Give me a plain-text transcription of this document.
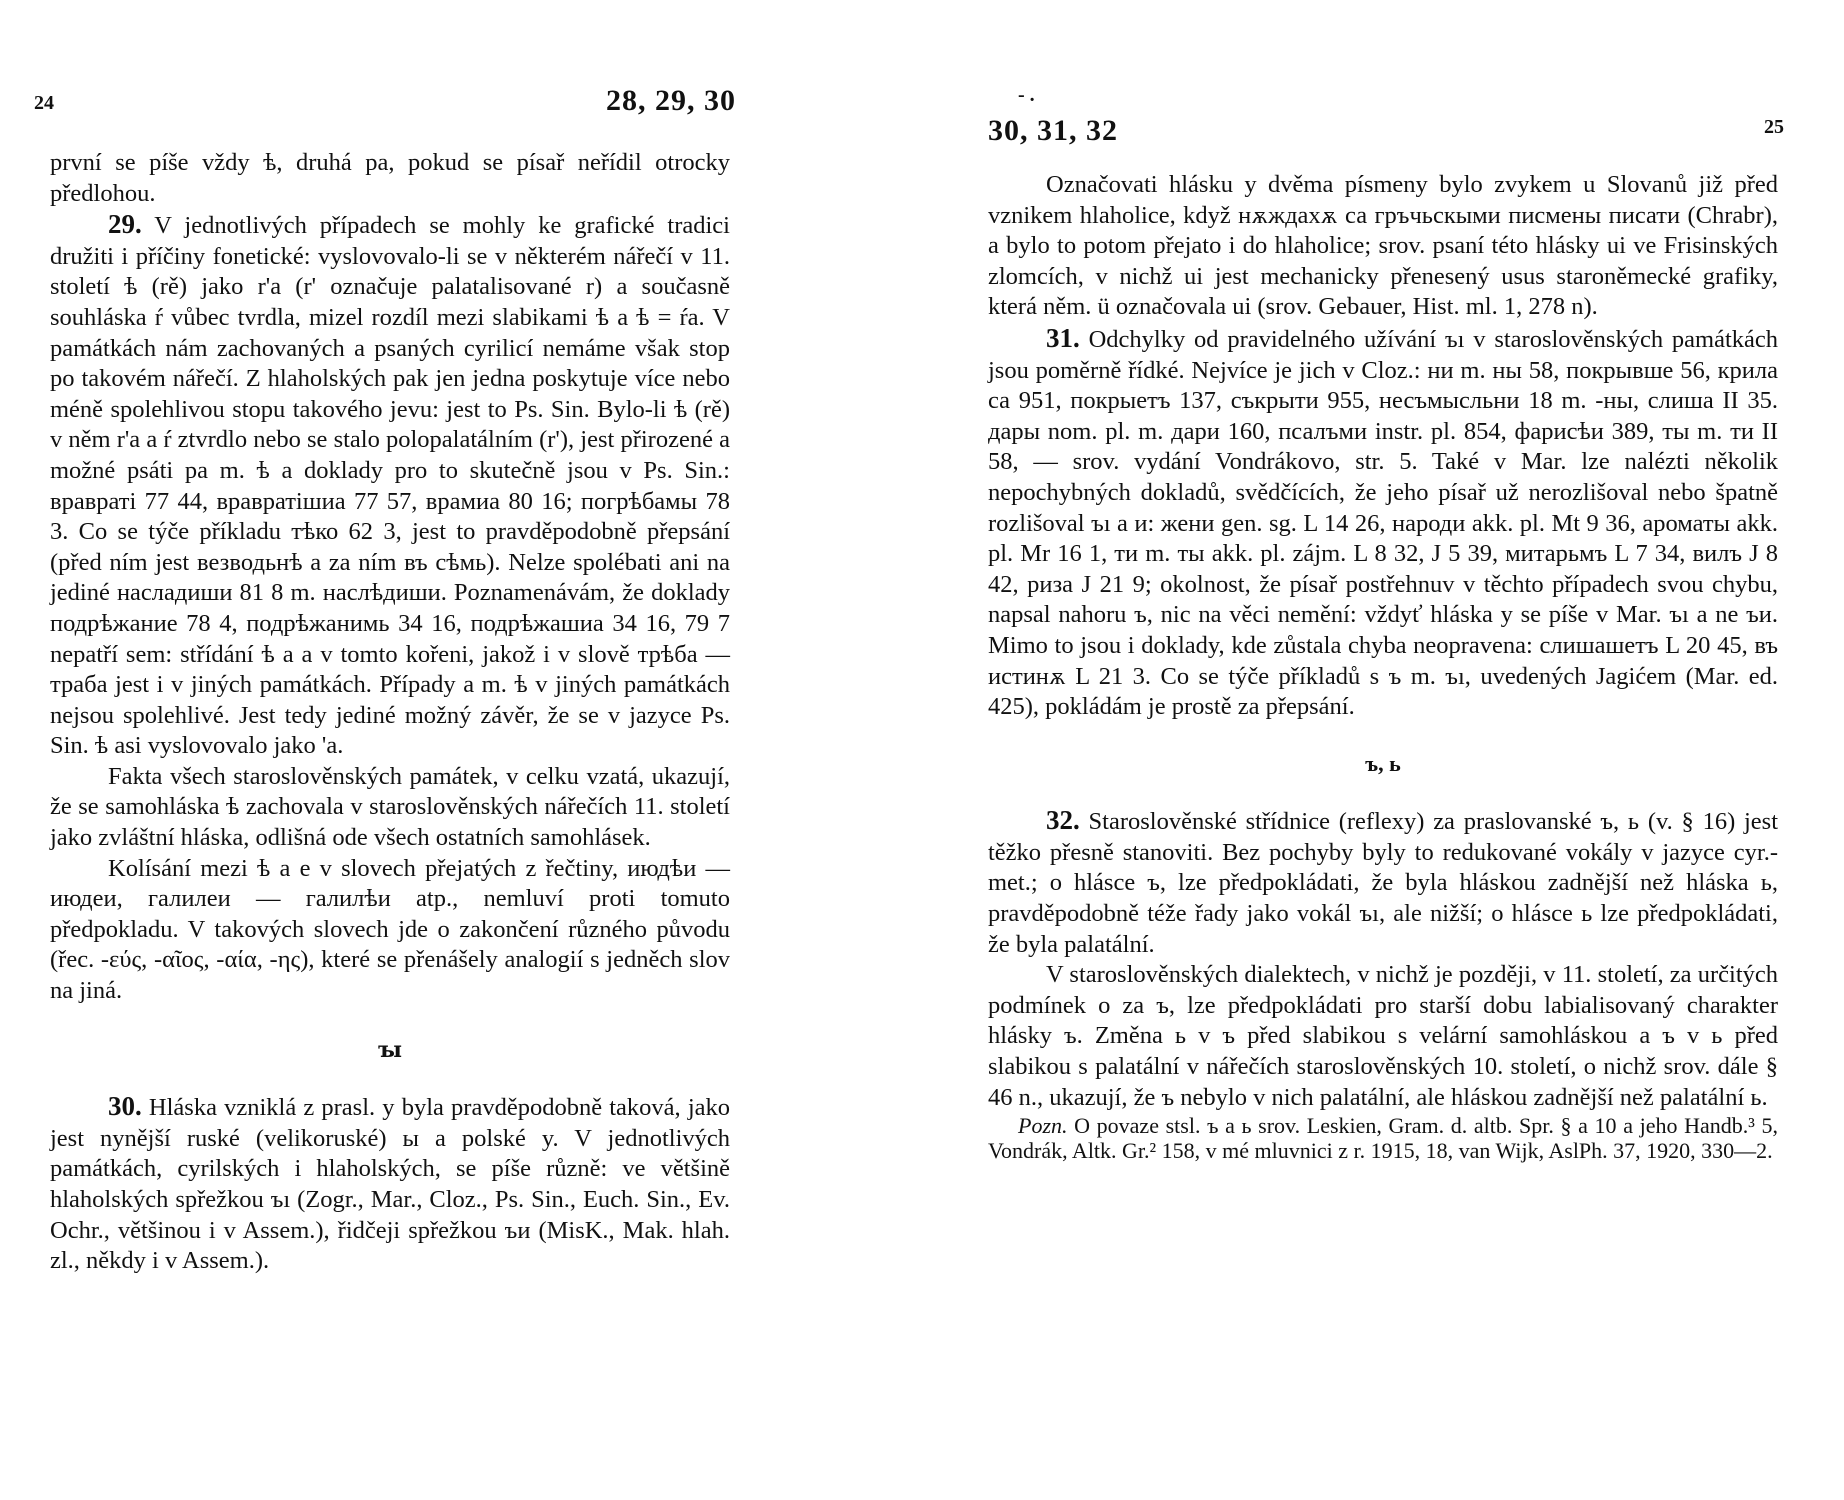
24	28, 29, 30

první se píše vždy ѣ, druhá ра, pokud se písař neřídil otrocky předlohou.

29. V jednotlivých případech se mohly ke grafické tradici družiti i příčiny fonetické: vyslovovalo-li se v některém nářečí v 11. století ѣ (rě) jako r'a (r' označuje palatalisované r) a současně souhláska ŕ vůbec tvrdla, mizel rozdíl mezi slabikami ѣ a ѣ = ŕa. V památkách nám zachovaných a psaných cyrilicí nemáme však stop po takovém nářečí. Z hlaholských pak jen jedna poskytuje více nebo méně spolehlivou stopu takového jevu: jest to Ps. Sin. Bylo-li ѣ (rě) v něm r'a a ŕ ztvrdlo nebo se stalo polopalatálním (r'), jest přirozené a možné psáti ра m. ѣ a doklady pro to skutečně jsou v Ps. Sin.: ʙраʙратi 77 44, ʙраʙратiшиа 77 57, ʙрамиа 80 16; погрѣбамы 78 3. Co se týče příkladu тѣко 62 3, jest to pravděpodobně přepsání (před ním jest ʙезʙодьнѣ a za ním въ сѣмь). Nelze spolébati ani na jediné насладиши 81 8 m. наслѣдиши. Poznamenávám, že doklady подрѣжание 78 4, подрѣжанимь 34 16, подрѣжашиа 34 16, 79 7 nepatří sem: střídání ѣ a а v tomto kořeni, jakož i v slově трѣба — траба jest i v jiných památkách. Případy а m. ѣ v jiných památkách nejsou spolehlivé. Jest tedy jediné možný závěr, že se v jazyce Ps. Sin. ѣ asi vyslovovalo jako 'a.

Fakta všech staroslověnských památek, v celku vzatá, ukazují, že se samohláska ѣ zachovala v staroslověnských nářečích 11. století jako zvláštní hláska, odlišná ode všech ostatních samohlásek.

Kolísání mezi ѣ a е v slovech přejatých z řečtiny, июдѣи — июдеи, галилеи — галилѣи atp., nemluví proti tomuto předpokladu. V takových slovech jde o zakončení různého původu (řec. -εύς, -αῖος, -αία, -ης), které se přenášely analogií s jedněch slov na jiná.

ꙑ

30. Hláska vzniklá z prasl. y byla pravděpodobně taková, jako jest nynější ruské (velikoruské) ы a polské y. V jednotlivých památkách, cyrilských i hlaholských, se píše různě: ve většině hlaholských spřežkou ъı (Zogr., Mar., Cloz., Ps. Sin., Euch. Sin., Ev. Ochr., většinou i v Assem.), řidčeji spřežkou ъи (MisK., Mak. hlah. zl., někdy i v Assem.).

- .
30, 31, 32	25

Označovati hlásku y dvěma písmeny bylo zvykem u Slovanů již před vznikem hlaholice, když нѫждахѫ са гръчьскыми писмены писати (Chrabr), a bylo to potom přejato i do hlaholice; srov. psaní této hlásky ui ve Frisinských zlomcích, v nichž ui jest mechanicky přenesený usus staroněmecké grafiky, která něm. ü označovala ui (srov. Gebauer, Hist. ml. 1, 278 n).

31. Odchylky od pravidelného užívání ъı v staroslověnských památkách jsou poměrně řídké. Nejvíce je jich v Cloz.: ни m. ны 58, покрывше 56, крила са 951, покрыетъ 137, съкрыти 955, несъмысльни 18 m. -ны, слишa II 35. дары nom. pl. m. дари 160, псалъми instr. pl. 854, фарисѣи 389, ты m. ти II 58, — srov. vydání Vondrákovo, str. 5. Také v Mar. lze nalézti několik nepochybných dokladů, svědčících, že jeho písař už nerozlišoval nebo špatně rozlišoval ъı a и: жени gen. sg. L 14 26, народи akk. pl. Mt 9 36, ароматы akk. pl. Mr 16 1, ти m. ты akk. pl. zájm. L 8 32, J 5 39, митарьмъ L 7 34, вилъ J 8 42, риза J 21 9; okolnost, že písař postřehnuv v těchto případech svou chybu, napsal nahoru ъ, nic na věci nemění: vždyť hláska y se píše v Mar. ъı a ne ъи. Mimo to jsou i doklady, kde zůstala chyba neopravena: слишашетъ L 20 45, въ истинѫ L 21 3. Co se týče příkladů s ъ m. ъı, uvedených Jagićem (Mar. ed. 425), pokládám je prostě za přepsání.

ъ, ь

32. Staroslověnské střídnice (reflexy) za praslovanské ъ, ь (v. § 16) jest těžko přesně stanoviti. Bez pochyby byly to redukované vokály v jazyce cyr.-met.; o hlásce ъ, lze předpokládati, že byla hláskou zadnější než hláska ь, pravděpodobně téže řady jako vokál ъı, ale nižší; o hlásce ь lze předpokládati, že byla palatální.

V staroslověnských dialektech, v nichž je později, v 11. století, za určitých podmínek о za ъ, lze předpokládati pro starší dobu labialisovaný charakter hlásky ъ. Změna ь v ъ před slabikou s velární samohláskou a ъ v ь před slabikou s palatální v nářečích staroslověnských 10. století, o nichž srov. dále § 46 n., ukazují, že ъ nebylo v nich palatální, ale hláskou zadnější než palatální ь.

Pozn. O povaze stsl. ъ a ь srov. Leskien, Gram. d. altb. Spr. § a 10 a jeho Handb.³ 5, Vondrák, Altk. Gr.² 158, v mé mluvnici z r. 1915, 18, van Wijk, AslPh. 37, 1920, 330—2.
